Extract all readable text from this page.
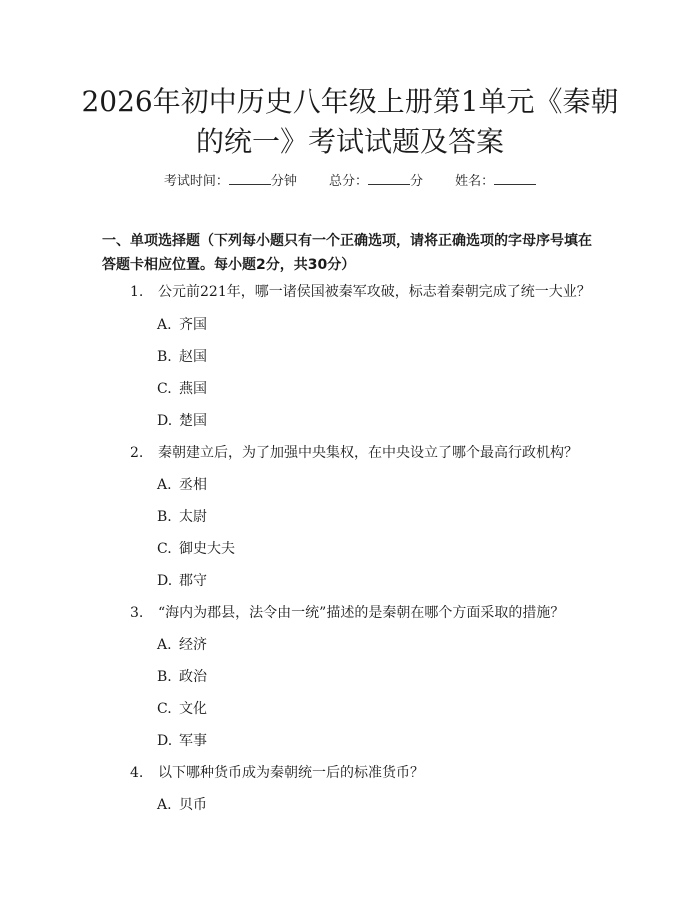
2026年初中历史八年级上册第1单元《秦朝
的统一》考试试题及答案
考试时间：	分钟 总分：	分 姓名：
一、单项选择题（下列每小题只有一个正确选项，请将正确选项的字母序号填在
答题卡相应位置。每小题2分，共30分）
1. 公元前221年，哪一诸侯国被秦军攻破，标志着秦朝完成了统一大业？
A. 齐国
B. 赵国
C. 燕国
D. 楚国
2. 秦朝建立后，为了加强中央集权，在中央设立了哪个最高行政机构？
A. 丞相
B. 太尉
C. 御史大夫
D. 郡守
3. “海内为郡县，法令由一统”描述的是秦朝在哪个方面采取的措施？
A. 经济
B. 政治
C. 文化
D. 军事
4. 以下哪种货币成为秦朝统一后的标准货币？
A. 贝币
